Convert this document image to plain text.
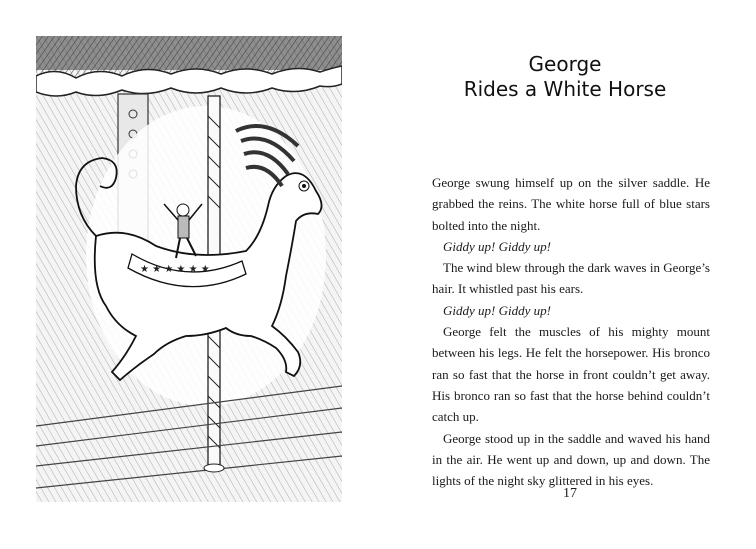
★ ★ ★ ★ ★ ★
George
Rides a White Horse

George swung himself up on the silver saddle. He grabbed the reins. The white horse full of blue stars bolted into the night.

Giddy up! Giddy up!

The wind blew through the dark waves in George’s hair. It whistled past his ears.

Giddy up! Giddy up!

George felt the muscles of his mighty mount between his legs. He felt the horsepower. His bronco ran so fast that the horse in front couldn’t get away. His bronco ran so fast that the horse behind couldn’t catch up.

George stood up in the saddle and waved his hand in the air. He went up and down, up and down. The lights of the night sky glittered in his eyes.

17
